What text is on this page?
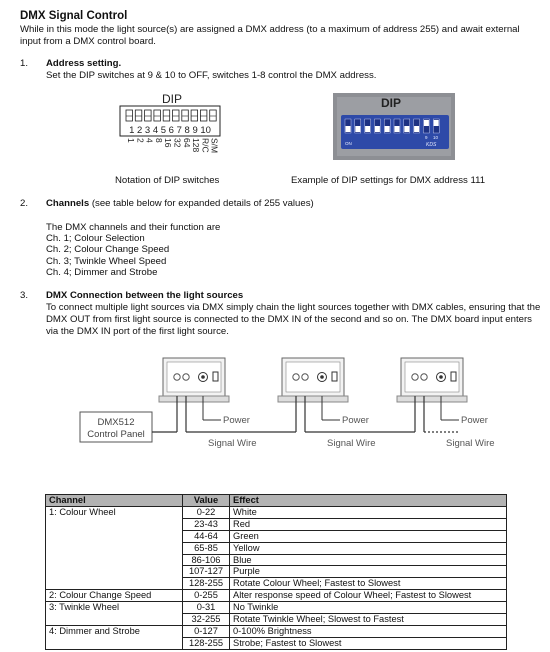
DMX Signal Control
While in this mode the light source(s) are assigned a DMX address (to a maximum of address 255) and await external input from a DMX control board.
1. Address setting.
Set the DIP switches at 9 & 10 to OFF, switches 1-8 control the DMX address.
DIP
1 2 3 4 5 6 7 8 9 10
1 2 4 8 16 32 64 128 R/C S/M
Notation of DIP switches
DIP
ON
9 10
KDS
Example of DIP settings for DMX address 111
2. Channels (see table below for expanded details of 255 values)
The DMX channels and their function are
Ch. 1; Colour Selection
Ch. 2; Colour Change Speed
Ch. 3; Twinkle Wheel Speed
Ch. 4; Dimmer and Strobe
3. DMX Connection between the light sources
To connect multiple light sources via DMX simply chain the light sources together with DMX cables, ensuring that the DMX OUT from first light source is connected to the DMX IN of the second and so on. The DMX board input enters via the DMX IN port of the first light source.
DMX512
Control Panel
Power
Signal Wire
Power
Signal Wire
Power
Signal Wire
Channel	Value	Effect
1: Colour Wheel	0-22	White
	23-43	Red
	44-64	Green
	65-85	Yellow
	86-106	Blue
	107-127	Purple
	128-255	Rotate Colour Wheel; Fastest to Slowest
2: Colour Change Speed	0-255	Alter response speed of Colour Wheel; Fastest to Slowest
3: Twinkle Wheel	0-31	No Twinkle
	32-255	Rotate Twinkle Wheel; Slowest to Fastest
4: Dimmer and Strobe	0-127	0-100% Brightness
	128-255	Strobe; Fastest to Slowest
